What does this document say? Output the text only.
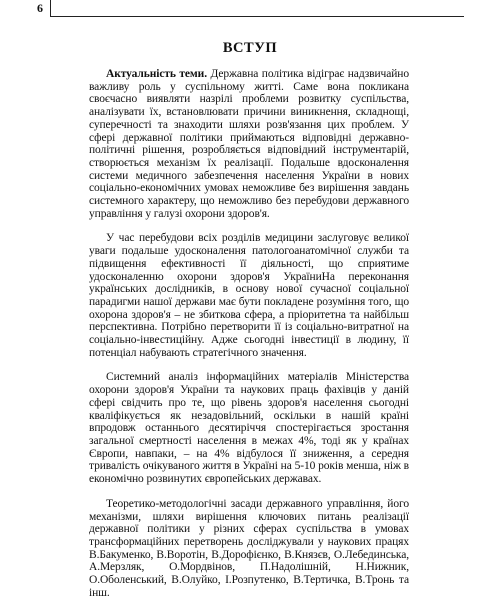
6
ВСТУП

Актуальність теми. Державна політика відіграє надзвичайно важливу роль у суспільному житті. Саме вона покликана своєчасно виявляти назрілі проблеми розвитку суспільства, аналізувати їх, встановлювати причини виникнення, складнощі, суперечності та знаходити шляхи розв'язання цих проблем. У сфері державної політики приймаються відповідні державно-політичні рішення, розробляється відповідний інструментарій, створюється механізм їх реалізації. Подальше вдосконалення системи медичного забезпечення населення України в нових соціально-економічних умовах неможливе без вирішення завдань системного характеру, що неможливо без перебудови державного управління у галузі охорони здоров'я.

У час перебудови всіх розділів медицини заслуговує великої уваги подальше удосконалення патологоанатомічної служби та підвищення ефективності її діяльності, що сприятиме удосконаленню охорони здоров'я УкраїниНа переконання українських дослідників, в основу нової сучасної соціальної парадигми нашої держави має бути покладене розуміння того, що охорона здоров'я – не збиткова сфера, а пріоритетна та найбільш перспективна. Потрібно перетворити її із соціально-витратної на соціально-інвестиційну. Адже сьогодні інвестиції в людину, її потенціал набувають стратегічного значення.

Системний аналіз інформаційних матеріалів Міністерства охорони здоров'я України та наукових праць фахівців у даній сфері свідчить про те, що рівень здоров'я населення сьогодні кваліфікується як незадовільний, оскільки в нашій країні впродовж останнього десятиріччя спостерігається зростання загальної смертності населення в межах 4%, тоді як у країнах Європи, навпаки, – на 4% відбулося її зниження, а середня тривалість очікуваного життя в Україні на 5-10 років менша, ніж в економічно розвинутих європейських державах.

Теоретико-методологічні засади державного управління, його механізми, шляхи вирішення ключових питань реалізації державної політики у різних сферах суспільства в умовах трансформаційних перетворень досліджували у наукових працях В.Бакуменко, В.Воротін, В.Дорофієнко, В.Князєв, О.Лебединська, А.Мерзляк, О.Мордвінов, П.Надолішній, Н.Нижник, О.Оболенський, В.Олуйко, І.Розпутенко, В.Тертичка, В.Тронь та інш.
